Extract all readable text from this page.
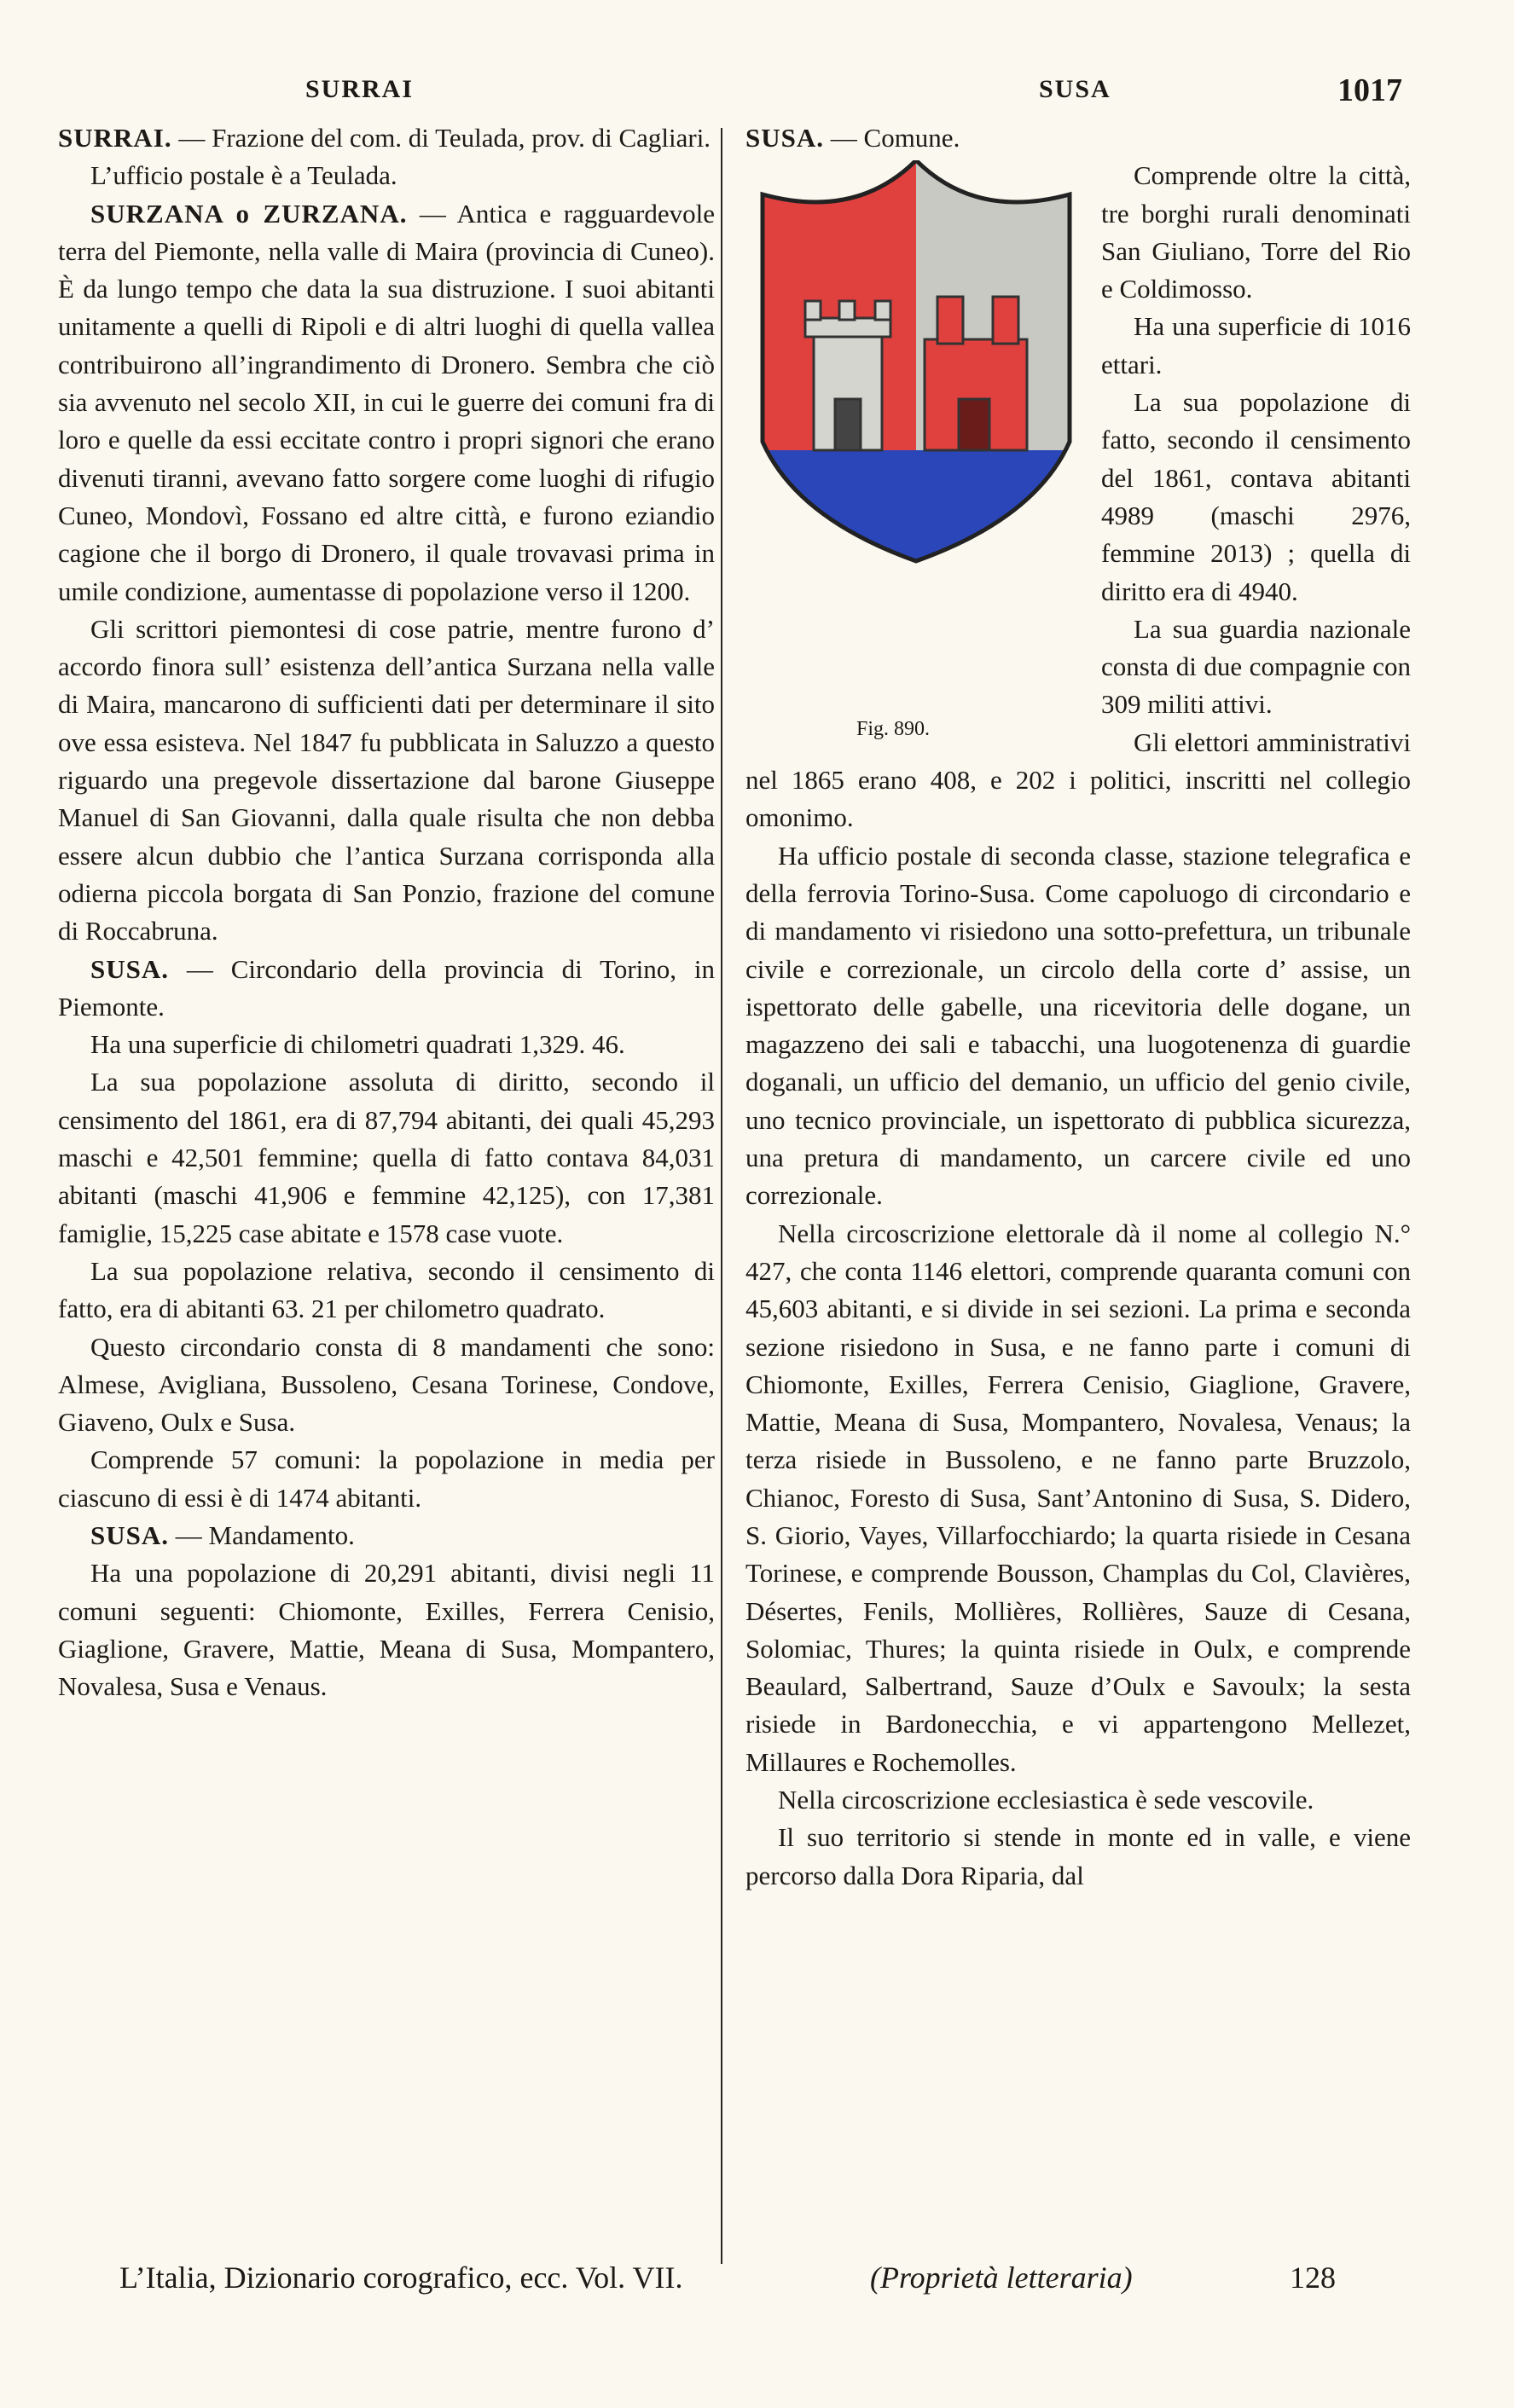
SURRAI	SUSA	1017

SURRAI. — Frazione del com. di Teulada, prov. di Cagliari.

L’ufficio postale è a Teulada.

SURZANA o ZURZANA. — Antica e ragguardevole terra del Piemonte, nella valle di Maira (provincia di Cuneo). È da lungo tempo che data la sua distruzione. I suoi abitanti unitamente a quelli di Ripoli e di altri luoghi di quella vallea contribuirono all’ingrandimento di Dronero. Sembra che ciò sia avvenuto nel secolo XII, in cui le guerre dei comuni fra di loro e quelle da essi eccitate contro i propri signori che erano divenuti tiranni, avevano fatto sorgere come luoghi di rifugio Cuneo, Mondovì, Fossano ed altre città, e furono eziandio cagione che il borgo di Dronero, il quale trovavasi prima in umile condizione, aumentasse di popolazione verso il 1200.

Gli scrittori piemontesi di cose patrie, mentre furono d’ accordo finora sull’ esistenza dell’antica Surzana nella valle di Maira, mancarono di sufficienti dati per determinare il sito ove essa esisteva. Nel 1847 fu pubblicata in Saluzzo a questo riguardo una pregevole dissertazione dal barone Giuseppe Manuel di San Giovanni, dalla quale risulta che non debba essere alcun dubbio che l’antica Surzana corrisponda alla odierna piccola borgata di San Ponzio, frazione del comune di Roccabruna.

SUSA. — Circondario della provincia di Torino, in Piemonte.

Ha una superficie di chilometri quadrati 1,329. 46.

La sua popolazione assoluta di diritto, secondo il censimento del 1861, era di 87,794 abitanti, dei quali 45,293 maschi e 42,501 femmine; quella di fatto contava 84,031 abitanti (maschi 41,906 e femmine 42,125), con 17,381 famiglie, 15,225 case abitate e 1578 case vuote.

La sua popolazione relativa, secondo il censimento di fatto, era di abitanti 63. 21 per chilometro quadrato.

Questo circondario consta di 8 mandamenti che sono: Almese, Avigliana, Bussoleno, Cesana Torinese, Condove, Giaveno, Oulx e Susa.

Comprende 57 comuni: la popolazione in media per ciascuno di essi è di 1474 abitanti.

SUSA. — Mandamento.

Ha una popolazione di 20,291 abitanti, divisi negli 11 comuni seguenti: Chiomonte, Exilles, Ferrera Cenisio, Giaglione, Gravere, Mattie, Meana di Susa, Mompantero, Novalesa, Susa e Venaus.

SUSA. — Comune.

Fig. 890.

Comprende oltre la città, tre borghi rurali denominati San Giuliano, Torre del Rio e Coldimosso.

Ha una superficie di 1016 ettari.

La sua popolazione di fatto, secondo il censimento del 1861, contava abitanti 4989 (maschi 2976, femmine 2013) ; quella di diritto era di 4940.

La sua guardia nazionale consta di due compagnie con 309 militi attivi.

Gli elettori amministrativi nel 1865 erano 408, e 202 i politici, inscritti nel collegio omonimo.

Ha ufficio postale di seconda classe, stazione telegrafica e della ferrovia Torino-Susa. Come capoluogo di circondario e di mandamento vi risiedono una sotto-prefettura, un tribunale civile e correzionale, un circolo della corte d’ assise, un ispettorato delle gabelle, una ricevitoria delle dogane, un magazzeno dei sali e tabacchi, una luogotenenza di guardie doganali, un ufficio del demanio, un ufficio del genio civile, uno tecnico provinciale, un ispettorato di pubblica sicurezza, una pretura di mandamento, un carcere civile ed uno correzionale.

Nella circoscrizione elettorale dà il nome al collegio N.° 427, che conta 1146 elettori, comprende quaranta comuni con 45,603 abitanti, e si divide in sei sezioni. La prima e seconda sezione risiedono in Susa, e ne fanno parte i comuni di Chiomonte, Exilles, Ferrera Cenisio, Giaglione, Gravere, Mattie, Meana di Susa, Mompantero, Novalesa, Venaus; la terza risiede in Bussoleno, e ne fanno parte Bruzzolo, Chianoc, Foresto di Susa, Sant’Antonino di Susa, S. Didero, S. Giorio, Vayes, Villarfocchiardo; la quarta risiede in Cesana Torinese, e comprende Bousson, Champlas du Col, Clavières, Désertes, Fenils, Mollières, Rollières, Sauze di Cesana, Solomiac, Thures; la quinta risiede in Oulx, e comprende Beaulard, Salbertrand, Sauze d’Oulx e Savoulx; la sesta risiede in Bardonecchia, e vi appartengono Mellezet, Millaures e Rochemolles.

Nella circoscrizione ecclesiastica è sede vescovile.

Il suo territorio si stende in monte ed in valle, e viene percorso dalla Dora Riparia, dal

L’Italia, Dizionario corografico, ecc. Vol. VII.	(Proprietà letteraria)	128
